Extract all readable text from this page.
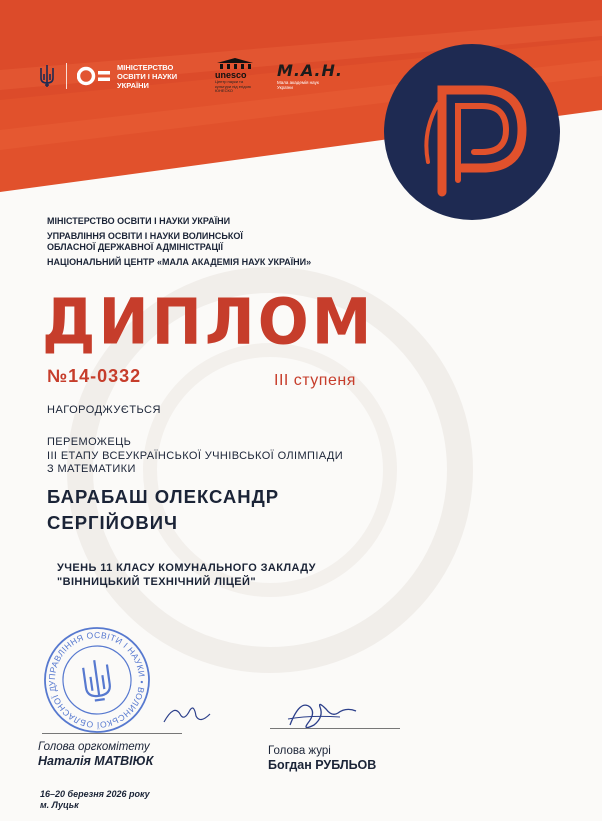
МІНІСТЕРСТВО
ОСВІТИ І НАУКИ
УКРАЇНИ
unesco
Центр науки та культури під егідою ЮНЕСКО
М.А.Н.
Мала академія наук України
МІНІСТЕРСТВО ОСВІТИ І НАУКИ УКРАЇНИ
УПРАВЛІННЯ ОСВІТИ І НАУКИ ВОЛИНСЬКОЇ
ОБЛАСНОЇ ДЕРЖАВНОЇ АДМІНІСТРАЦІЇ
НАЦІОНАЛЬНИЙ ЦЕНТР «МАЛА АКАДЕМІЯ НАУК УКРАЇНИ»
ДИПЛОМ
№14-0332	III ступеня
НАГОРОДЖУЄТЬСЯ
ПЕРЕМОЖЕЦЬ
III ЕТАПУ ВСЕУКРАЇНСЬКОЇ УЧНІВСЬКОЇ ОЛІМПІАДИ
З МАТЕМАТИКИ
БАРАБАШ ОЛЕКСАНДР
СЕРГІЙОВИЧ
УЧЕНЬ 11 КЛАСУ КОМУНАЛЬНОГО ЗАКЛАДУ
"ВІННИЦЬКИЙ ТЕХНІЧНИЙ ЛІЦЕЙ"
УПРАВЛІННЯ ОСВІТИ І НАУКИ • ВОЛИНСЬКОЇ ОБЛАСНОЇ ДЕРЖАВНОЇ
Голова оргкомітету
Наталія МАТВІЮК
Голова журі
Богдан РУБЛЬОВ
16–20 березня 2026 року
м. Луцьк
